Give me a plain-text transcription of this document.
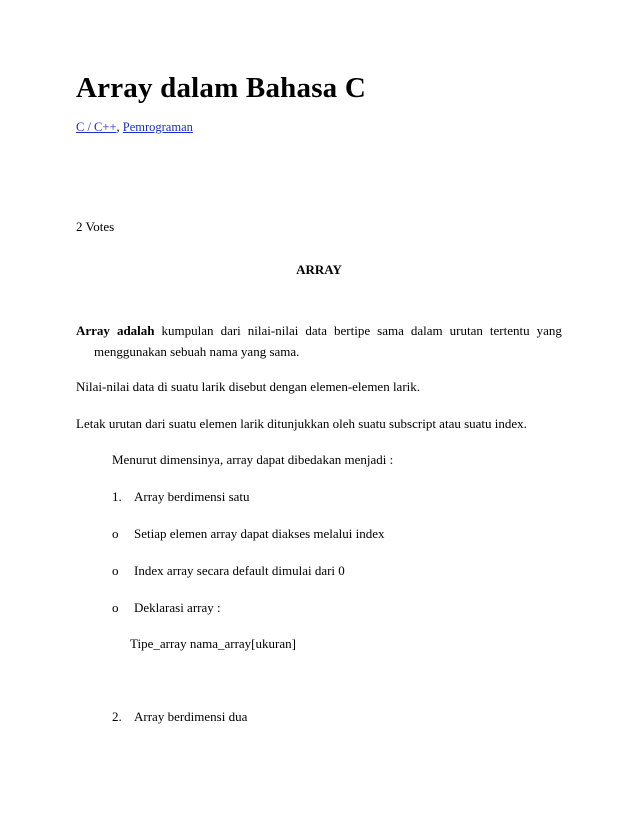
Array dalam Bahasa C
C / C++, Pemrograman
2 Votes
ARRAY
Array adalah kumpulan dari nilai-nilai data bertipe sama dalam urutan tertentu yang
menggunakan sebuah nama yang sama.
Nilai-nilai data di suatu larik disebut dengan elemen-elemen larik.
Letak urutan dari suatu elemen larik ditunjukkan oleh suatu subscript atau suatu index.
Menurut dimensinya, array dapat dibedakan menjadi :
1. Array berdimensi satu
o Setiap elemen array dapat diakses melalui index
o Index array secara default dimulai dari 0
o Deklarasi array :
Tipe_array nama_array[ukuran]
2. Array berdimensi dua
